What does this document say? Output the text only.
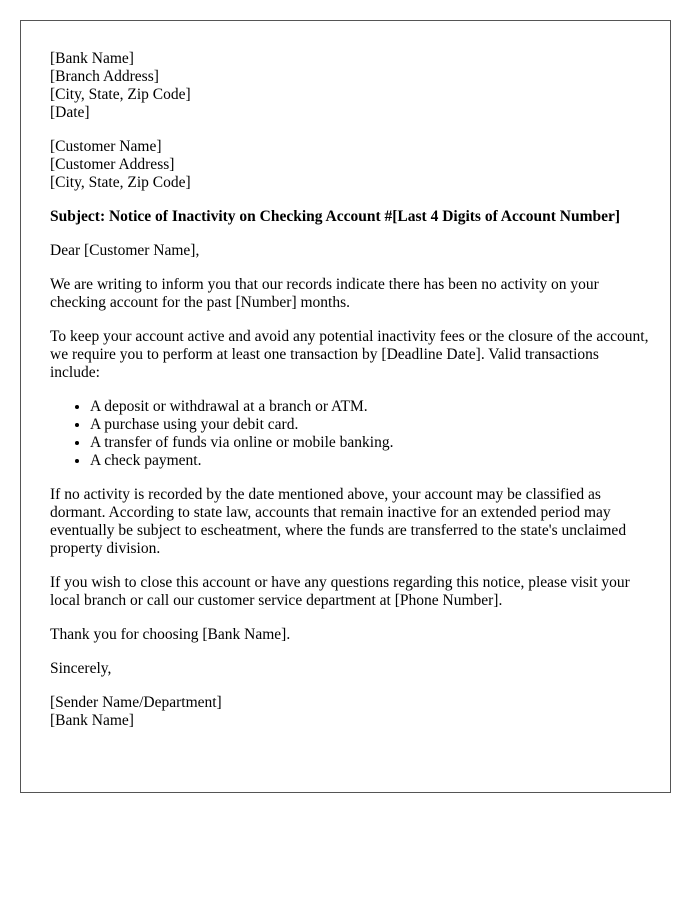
[Bank Name]
[Branch Address]
[City, State, Zip Code]
[Date]
[Customer Name]
[Customer Address]
[City, State, Zip Code]

Subject: Notice of Inactivity on Checking Account #[Last 4 Digits of Account Number]

Dear [Customer Name],

We are writing to inform you that our records indicate there has been no activity on your checking account for the past [Number] months.

To keep your account active and avoid any potential inactivity fees or the closure of the account, we require you to perform at least one transaction by [Deadline Date]. Valid transactions include:

• A deposit or withdrawal at a branch or ATM.
• A purchase using your debit card.
• A transfer of funds via online or mobile banking.
• A check payment.

If no activity is recorded by the date mentioned above, your account may be classified as dormant. According to state law, accounts that remain inactive for an extended period may eventually be subject to escheatment, where the funds are transferred to the state's unclaimed property division.

If you wish to close this account or have any questions regarding this notice, please visit your local branch or call our customer service department at [Phone Number].

Thank you for choosing [Bank Name].

Sincerely,

[Sender Name/Department]
[Bank Name]
